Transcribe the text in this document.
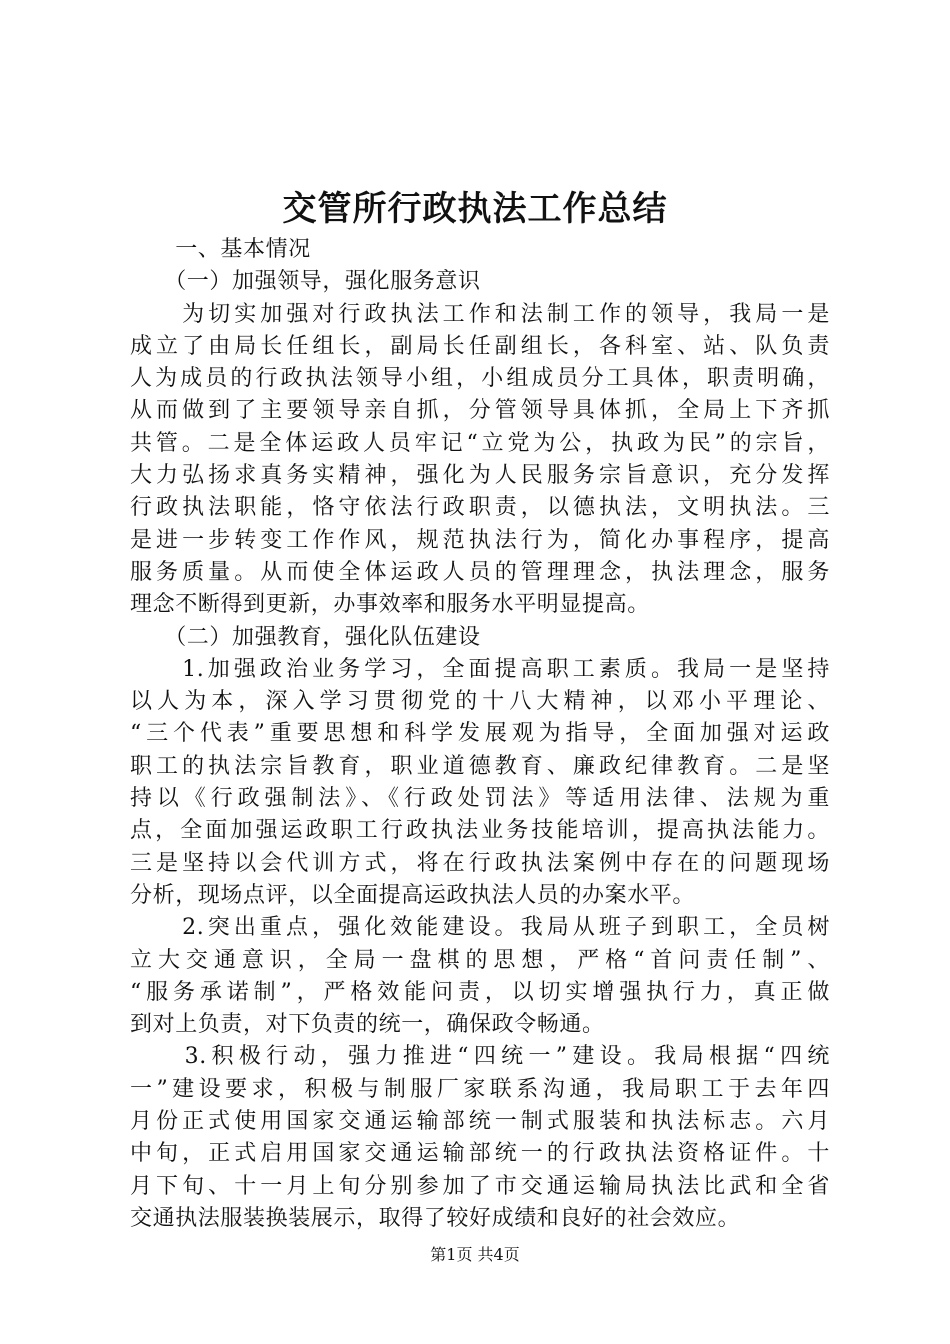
交管所行政执法工作总结
　　一、基本情况
　　（一）加强领导，强化服务意识
　　为切实加强对行政执法工作和法制工作的领导，我局一是
成立了由局长任组长，副局长任副组长，各科室、站、队负责
人为成员的行政执法领导小组，小组成员分工具体，职责明确，
从而做到了主要领导亲自抓，分管领导具体抓，全局上下齐抓
共管。二是全体运政人员牢记“立党为公，执政为民”的宗旨，
大力弘扬求真务实精神，强化为人民服务宗旨意识，充分发挥
行政执法职能，恪守依法行政职责，以德执法，文明执法。三
是进一步转变工作作风，规范执法行为，简化办事程序，提高
服务质量。从而使全体运政人员的管理理念，执法理念，服务
理念不断得到更新，办事效率和服务水平明显提高。
　　（二）加强教育，强化队伍建设
　　1.加强政治业务学习，全面提高职工素质。我局一是坚持
以人为本，深入学习贯彻党的十八大精神，以邓小平理论、
“三个代表”重要思想和科学发展观为指导，全面加强对运政
职工的执法宗旨教育，职业道德教育、廉政纪律教育。二是坚
持以《行政强制法》、《行政处罚法》等适用法律、法规为重
点，全面加强运政职工行政执法业务技能培训，提高执法能力。
三是坚持以会代训方式，将在行政执法案例中存在的问题现场
分析，现场点评，以全面提高运政执法人员的办案水平。
　　2.突出重点，强化效能建设。我局从班子到职工，全员树
立大交通意识，全局一盘棋的思想，严格“首问责任制”、
“服务承诺制”，严格效能问责，以切实增强执行力，真正做
到对上负责，对下负责的统一，确保政令畅通。
　　3.积极行动，强力推进“四统一”建设。我局根据“四统
一”建设要求，积极与制服厂家联系沟通，我局职工于去年四
月份正式使用国家交通运输部统一制式服装和执法标志。六月
中旬，正式启用国家交通运输部统一的行政执法资格证件。十
月下旬、十一月上旬分别参加了市交通运输局执法比武和全省
交通执法服装换装展示，取得了较好成绩和良好的社会效应。
第1页 共4页
